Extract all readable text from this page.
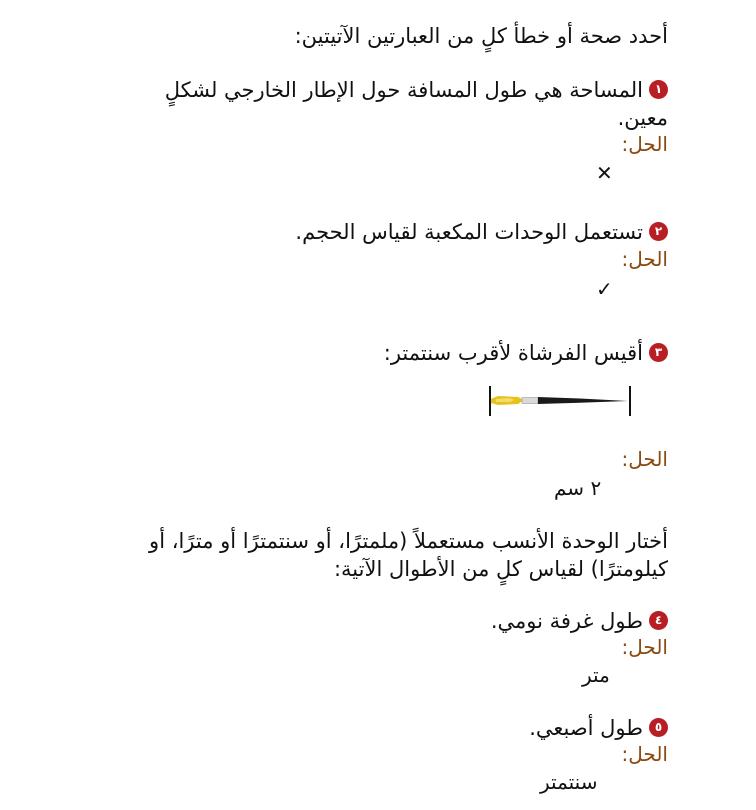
أحدد صحة أو خطأ كلٍ من العبارتين الآتيتين:
١المساحة هي طول المسافة حول الإطار الخارجي لشكلٍ
معين.
الحل:
✕
٢تستعمل الوحدات المكعبة لقياس الحجم.
الحل:
✓
٣أقيس الفرشاة لأقرب سنتمتر:
الحل:
٢ سم
أختار الوحدة الأنسب مستعملاً (ملمترًا، أو سنتمترًا أو مترًا، أو
كيلومترًا) لقياس كلٍ من الأطوال الآتية:
٤طول غرفة نومي.
الحل:
متر
٥طول أصبعي.
الحل:
سنتمتر
